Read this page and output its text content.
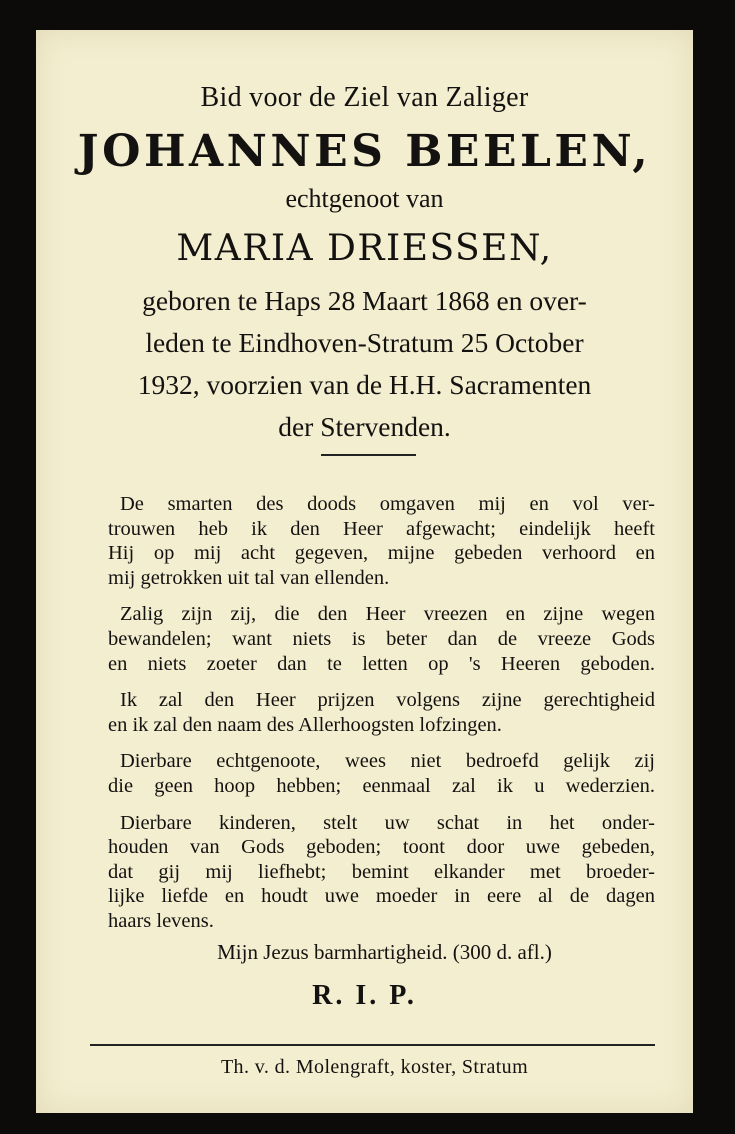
Bid voor de Ziel van Zaliger

JOHANNES BEELEN,

echtgenoot van

MARIA DRIESSEN,

geboren te Haps 28 Maart 1868 en over-
leden te Eindhoven-Stratum 25 October
1932, voorzien van de H.H. Sacramenten
der Stervenden.
De smarten des doods omgaven mij en vol ver-
trouwen heb ik den Heer afgewacht; eindelijk heeft
Hij op mij acht gegeven, mijne gebeden verhoord en
mij getrokken uit tal van ellenden.
Zalig zijn zij, die den Heer vreezen en zijne wegen
bewandelen; want niets is beter dan de vreeze Gods
en niets zoeter dan te letten op 's Heeren geboden.
Ik zal den Heer prijzen volgens zijne gerechtigheid
en ik zal den naam des Allerhoogsten lofzingen.
Dierbare echtgenoote, wees niet bedroefd gelijk zij
die geen hoop hebben; eenmaal zal ik u wederzien.
Dierbare kinderen, stelt uw schat in het onder-
houden van Gods geboden; toont door uwe gebeden,
dat gij mij liefhebt; bemint elkander met broeder-
lijke liefde en houdt uwe moeder in eere al de dagen
haars levens.

Mijn Jezus barmhartigheid. (300 d. afl.)

R. I. P.

Th. v. d. Molengraft, koster, Stratum
